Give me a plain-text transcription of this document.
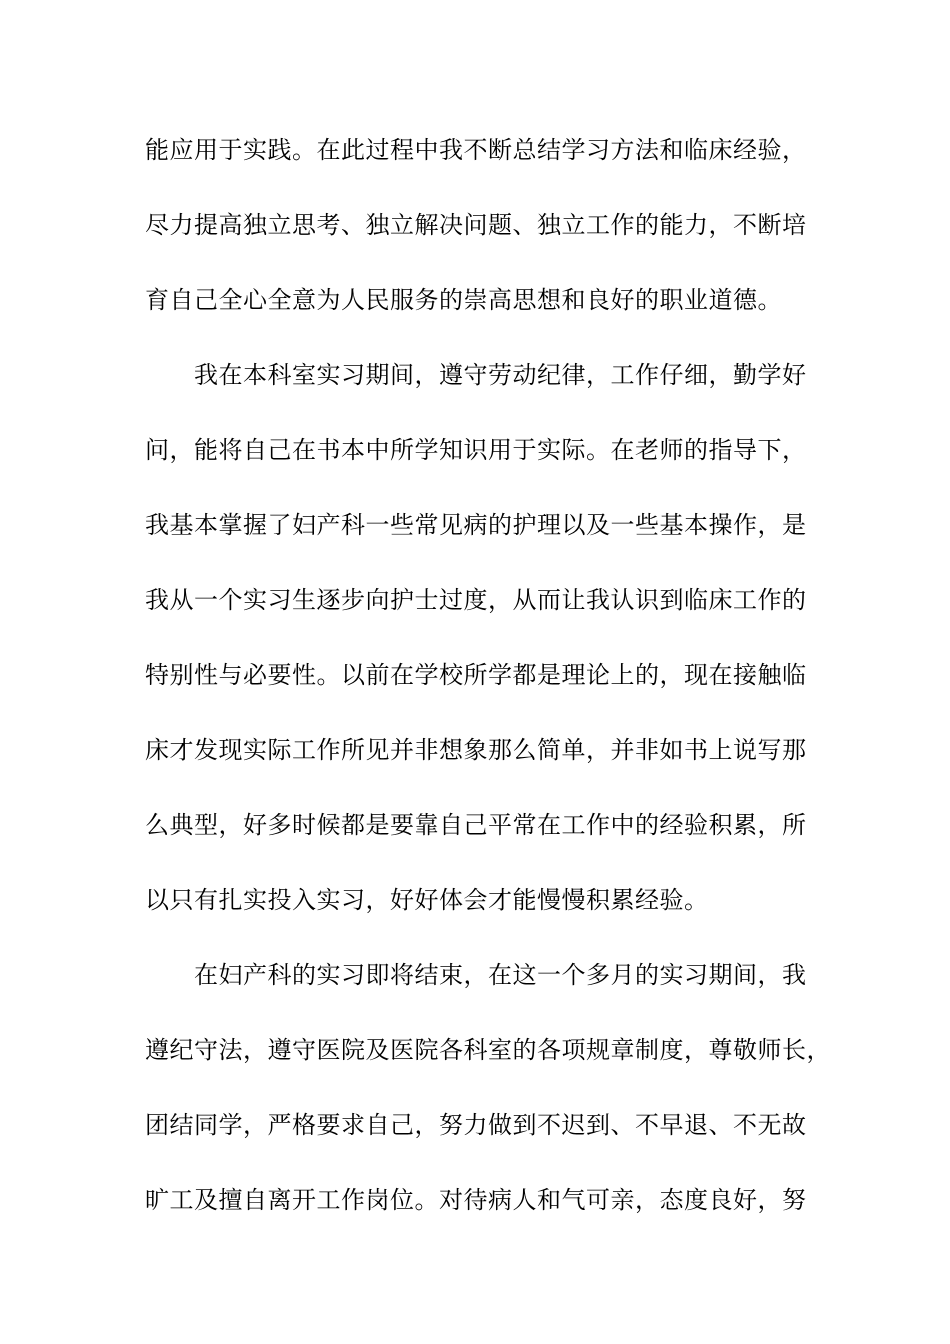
能应用于实践。在此过程中我不断总结学习方法和临床经验，
尽力提高独立思考、独立解决问题、独立工作的能力，不断培
育自己全心全意为人民服务的崇高思想和良好的职业道德。
　　我在本科室实习期间，遵守劳动纪律，工作仔细，勤学好
问，能将自己在书本中所学知识用于实际。在老师的指导下，
我基本掌握了妇产科一些常见病的护理以及一些基本操作，是
我从一个实习生逐步向护士过度，从而让我认识到临床工作的
特别性与必要性。以前在学校所学都是理论上的，现在接触临
床才发现实际工作所见并非想象那么简单，并非如书上说写那
么典型，好多时候都是要靠自己平常在工作中的经验积累，所
以只有扎实投入实习，好好体会才能慢慢积累经验。
　　在妇产科的实习即将结束，在这一个多月的实习期间，我
遵纪守法，遵守医院及医院各科室的各项规章制度，尊敬师长，
团结同学，严格要求自己，努力做到不迟到、不早退、不无故
旷工及擅自离开工作岗位。对待病人和气可亲，态度良好，努
